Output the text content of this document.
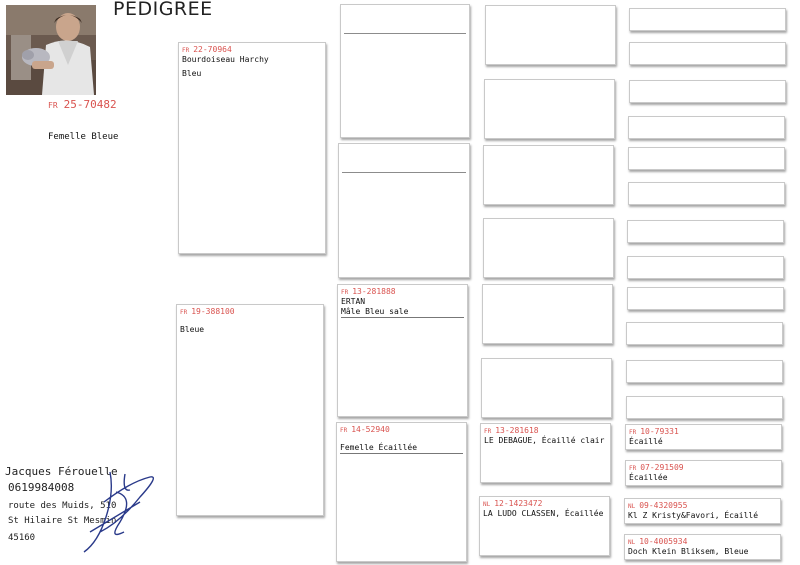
PEDIGREE
FR 25-70482
Femelle Bleue
Jacques Férouelle
0619984008
route des Muids, 510
St Hilaire St Mesmin
45160
FR 22-70964
Bourdoiseau Harchy
Bleu
FR 19-388100
Bleue
FR 13-281888
ERTAN
Mâle Bleu sale
FR 14-52940
Femelle Écaillée
FR 13-281618
LE DEBAGUE, Écaillé clair
NL 12-1423472
LA LUDO CLASSEN, Écaillée
FR 10-79331
Écaillé
FR 07-291509
Écaillée
NL 09-4320955
Kl Z Kristy&Favori, Écaillé
NL 10-4005934
Doch Klein Bliksem, Bleue
